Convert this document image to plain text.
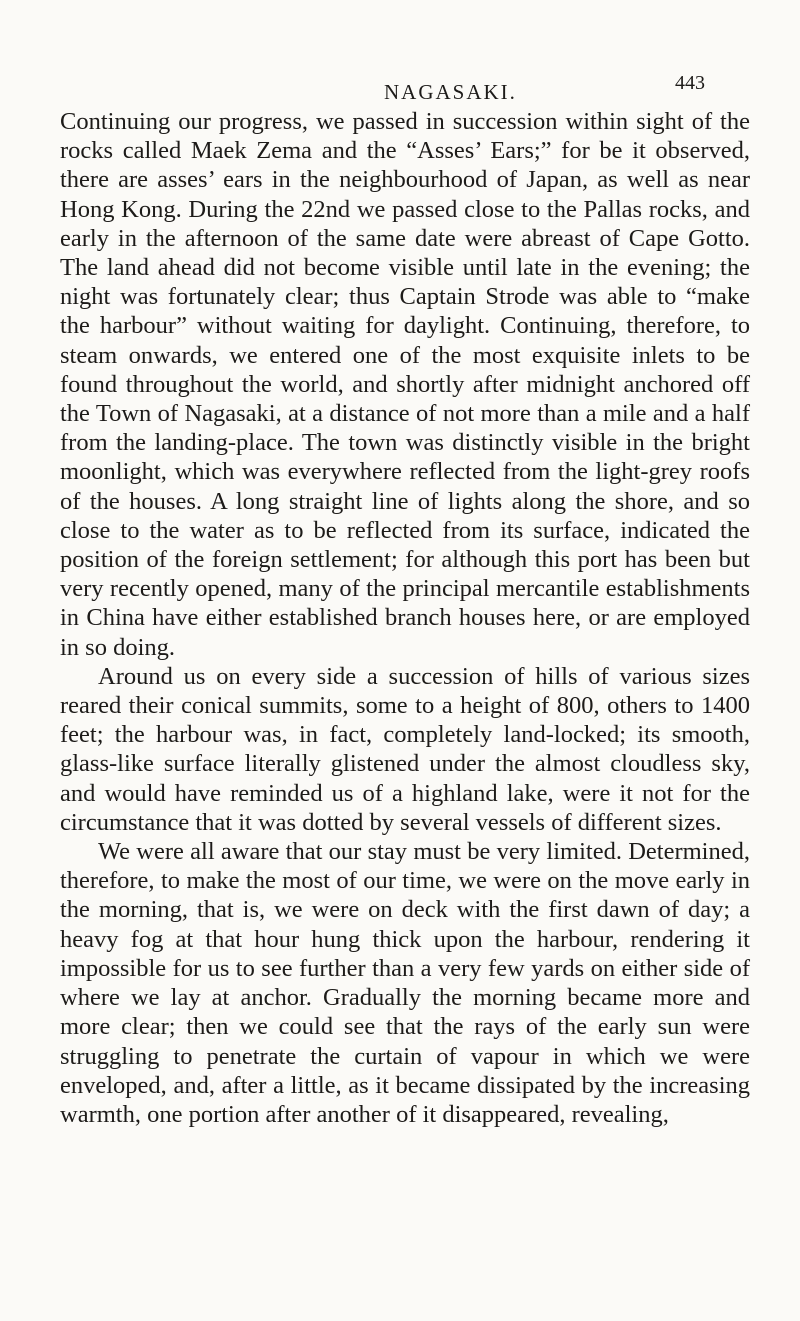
NAGASAKI.	443

Continuing our progress, we passed in succession within sight of the rocks called Maek Zema and the “Asses’ Ears;” for be it observed, there are asses’ ears in the neighbourhood of Japan, as well as near Hong Kong. During the 22nd we passed close to the Pallas rocks, and early in the afternoon of the same date were abreast of Cape Gotto. The land ahead did not become visible until late in the evening; the night was fortunately clear; thus Captain Strode was able to “make the harbour” without waiting for daylight. Continuing, therefore, to steam onwards, we entered one of the most exquisite inlets to be found throughout the world, and shortly after midnight anchored off the Town of Nagasaki, at a distance of not more than a mile and a half from the landing-place. The town was distinctly visible in the bright moonlight, which was everywhere reflected from the light-grey roofs of the houses. A long straight line of lights along the shore, and so close to the water as to be reflected from its surface, indicated the position of the foreign settlement; for although this port has been but very recently opened, many of the principal mercantile establishments in China have either established branch houses here, or are employed in so doing.

Around us on every side a succession of hills of various sizes reared their conical summits, some to a height of 800, others to 1400 feet; the harbour was, in fact, completely land-locked; its smooth, glass-like surface literally glistened under the almost cloudless sky, and would have reminded us of a highland lake, were it not for the circumstance that it was dotted by several vessels of different sizes.

We were all aware that our stay must be very limited. Determined, therefore, to make the most of our time, we were on the move early in the morning, that is, we were on deck with the first dawn of day; a heavy fog at that hour hung thick upon the harbour, rendering it impossible for us to see further than a very few yards on either side of where we lay at anchor. Gradually the morning became more and more clear; then we could see that the rays of the early sun were struggling to penetrate the curtain of vapour in which we were enveloped, and, after a little, as it became dissipated by the increasing warmth, one portion after another of it disappeared, revealing,
